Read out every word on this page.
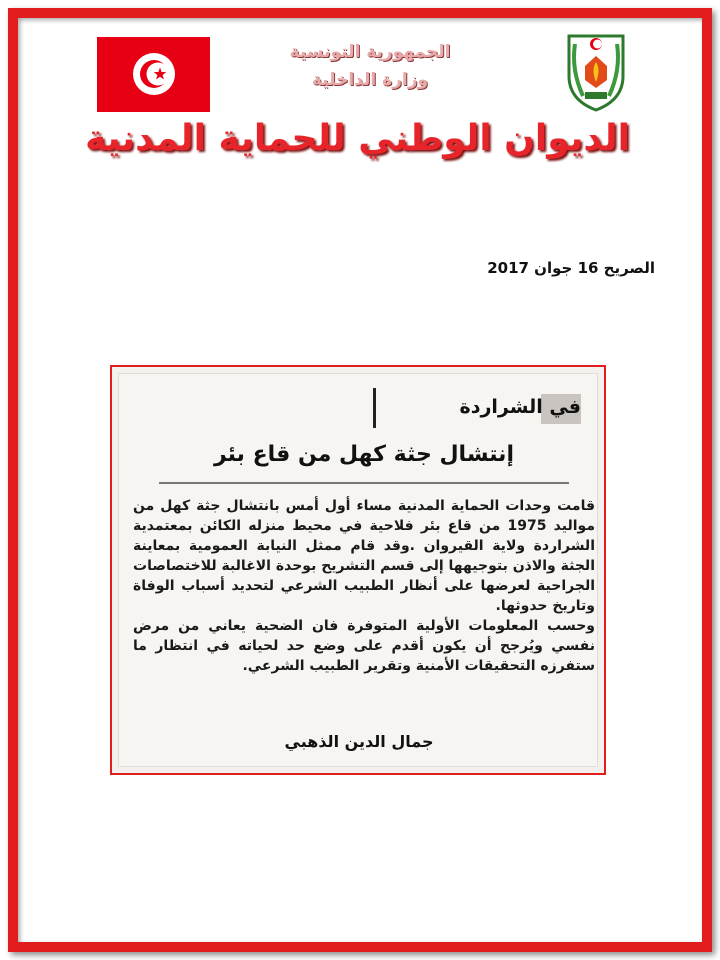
الجمهورية التونسية
وزارة الداخلية
الديوان الوطني للحماية المدنية
الصريح 16 جوان 2017
في الشراردة
إنتشال جثة كهل من قاع بئر

قامت وحدات الحماية المدنية مساء أول أمس بانتشال جثة كهل من مواليد 1975 من قاع بئر فلاحية في محيط منزله الكائن بمعتمدية الشراردة ولاية القيروان .وقد قام ممثل النيابة العمومية بمعاينة الجثة والاذن بتوجيهها إلى قسم التشريح بوحدة الاغالبة للاختصاصات الجراحية لعرضها على أنظار الطبيب الشرعي لتحديد أسباب الوفاة وتاريخ حدوثها.

وحسب المعلومات الأولية المتوفرة فان الضحية يعاني من مرض نفسي ويُرجح أن يكون أقدم على وضع حد لحياته في انتظار ما ستفرزه التحقيقات الأمنية وتقرير الطبيب الشرعي.

جمال الدين الذهبي
